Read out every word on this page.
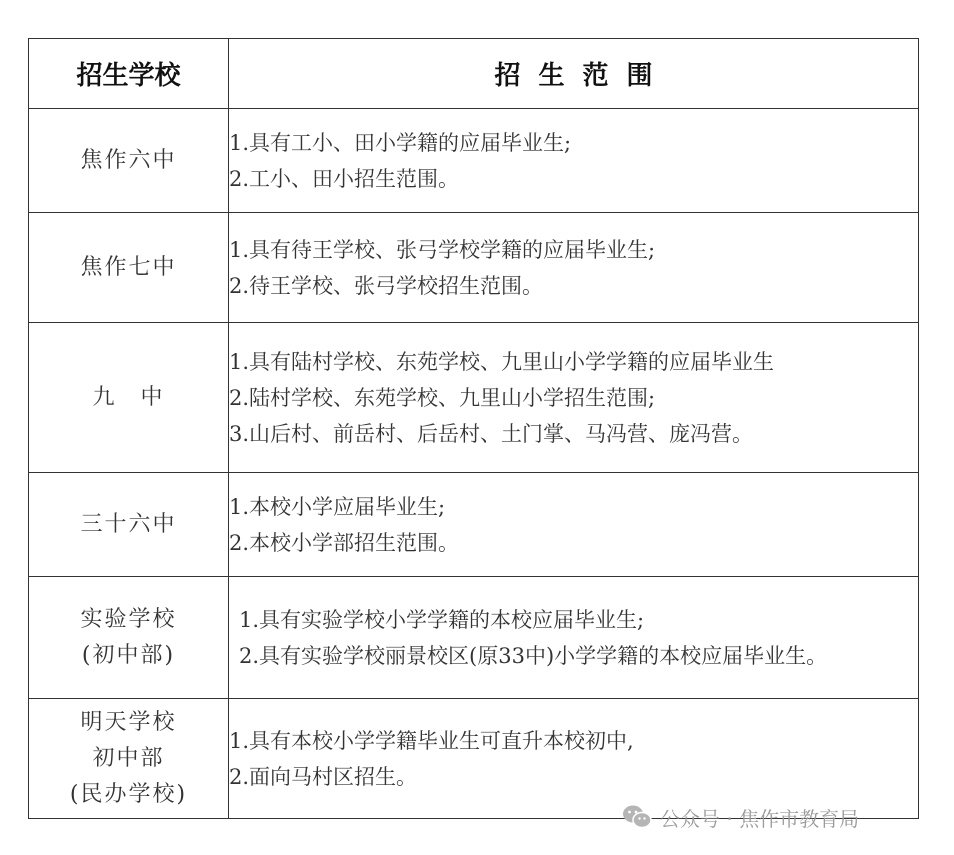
招生学校	招生范围

焦作六中	1.具有工小、田小学籍的应届毕业生;
2.工小、田小招生范围。

焦作七中	1.具有待王学校、张弓学校学籍的应届毕业生;
2.待王学校、张弓学校招生范围。

九　中	1.具有陆村学校、东苑学校、九里山小学学籍的应届毕业生
2.陆村学校、东苑学校、九里山小学招生范围;
3.山后村、前岳村、后岳村、土门掌、马冯营、庞冯营。

三十六中	1.本校小学应届毕业生;
2.本校小学部招生范围。

实验学校
(初中部)	1.具有实验学校小学学籍的本校应届毕业生;
2.具有实验学校丽景校区(原33中)小学学籍的本校应届毕业生。

明天学校
初中部
(民办学校)	1.具有本校小学学籍毕业生可直升本校初中,
2.面向马村区招生。
公众号 · 焦作市教育局
